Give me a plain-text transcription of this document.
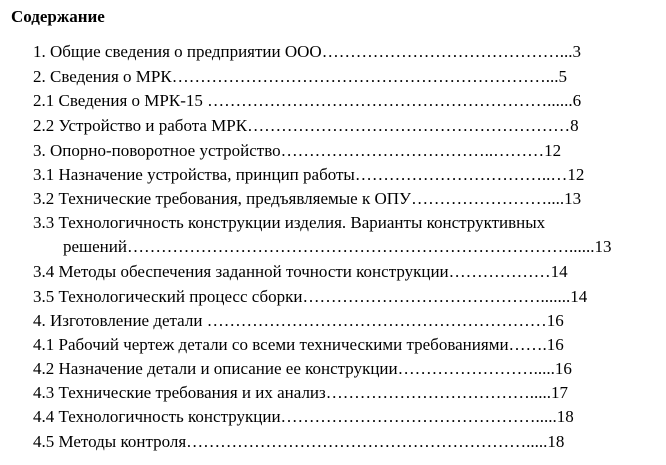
Содержание
1. Общие сведения о предприятии ООО……………………………………...3
2. Сведения о МРК…………………………………………………………...5
2.1 Сведения о МРК-15 ……………………………………………………......6
2.2 Устройство и работа МРК…………………………………………………8
3. Опорно-поворотное устройство………………………………..………12
3.1 Назначение устройства, принцип работы……………………………..…12
3.2 Технические требования, предъявляемые к ОПУ……………………....13
3.3 Технологичность конструкции изделия. Варианты конструктивных
решений……………………………………………………………………......13
3.4 Методы обеспечения заданной точности конструкции………………14
3.5 Технологический процесс сборки…………………………………….......14
4. Изготовление детали ……………………………………………………16
4.1 Рабочий чертеж детали со всеми техническими требованиями…….16
4.2 Назначение детали и описание ее конструкции…………………….....16
4.3 Технические требования и их анализ……………………………….....17
4.4 Технологичность конструкции……………………………………….....18
4.5 Методы контроля…………………………………………………….....18
